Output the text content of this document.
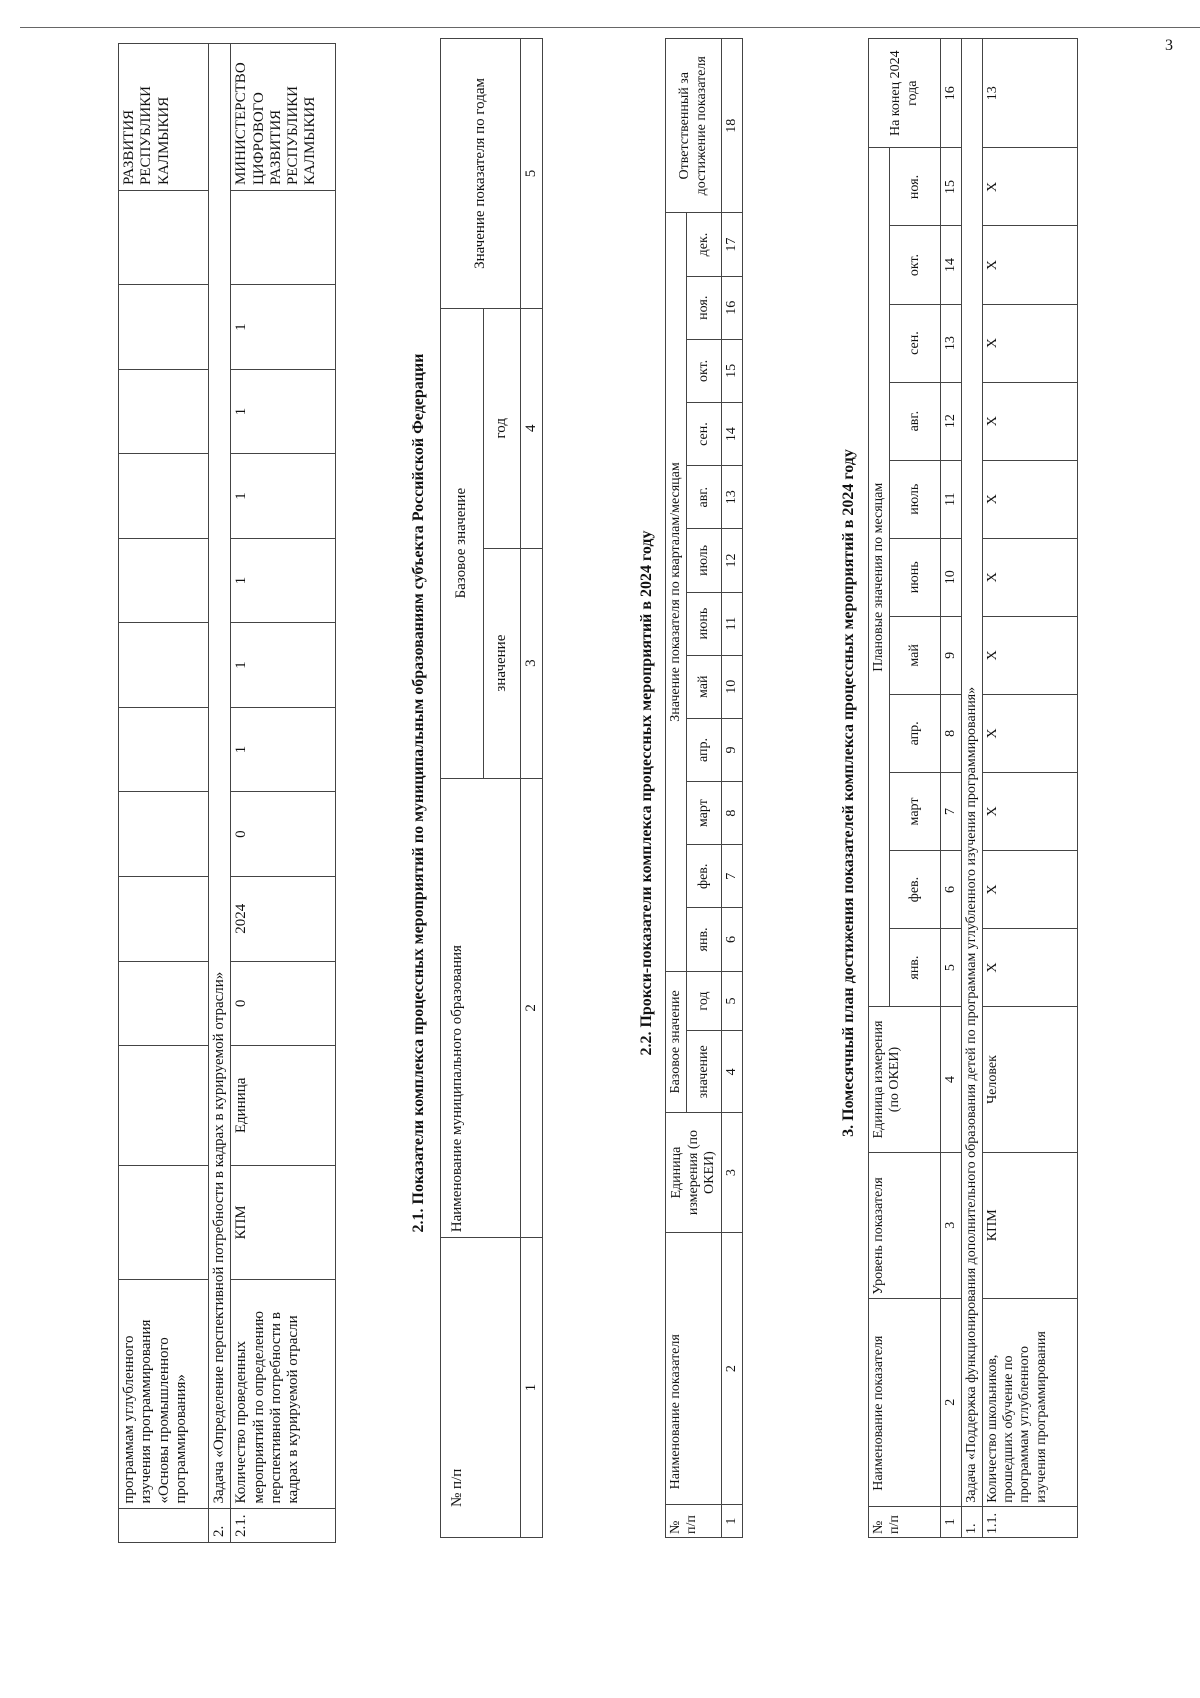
3
	программам углубленного изучения программирования «Основы промышленного программирования»													РАЗВИТИЯ РЕСПУБЛИКИ КАЛМЫКИЯ
2.	Задача «Определение перспективной потребности в кадрах в курируемой отрасли»													
2.1.	Количество проведенных мероприятий по определению перспективной потребности в кадрах в курируемой отрасли	КПМ	Единица	0	2024	0	1	1	1	1	1	1		МИНИСТЕРСТВО ЦИФРОВОГО РАЗВИТИЯ РЕСПУБЛИКИ КАЛМЫКИЯ
2.1. Показатели комплекса процессных мероприятий по муниципальным образованиям субъекта Российской Федерации
№ п/п	Наименование муниципального образования	Базовое значение		Значение показателя по годам
		значение	год	
1	2	3	4	5
2.2. Прокси-показатели комплекса процессных мероприятий в 2024 году
№ п/п	Наименование показателя	Единица измерения (по ОКЕИ)	Базовое значение		Значение показателя по кварталам/месяцам												Ответственный за достижение показателя
			значение	год	янв.	фев.	март	апр.	май	июнь	июль	авг.	сен.	окт.	ноя.	дек.	
1	2	3	4	5	6	7	8	9	10	11	12	13	14	15	16	17	18
3. Помесячный план достижения показателей комплекса процессных мероприятий в 2024 году
№ п/п	Наименование показателя	Уровень показателя	Единица измерения (по ОКЕИ)	Плановые значения по месяцам											На конец 2024 года
				янв.	фев.	март	апр.	май	июнь	июль	авг.	сен.	окт.	ноя.	
1	2	3	4	5	6	7	8	9	10	11	12	13	14	15	16
1.	Задача «Поддержка функционирования дополнительного образования детей по программам углубленного изучения программирования»														
1.1.	Количество школьников, прошедших обучение по программам углубленного изучения программирования	КПМ	Человек	X	X	X	X	X	X	X	X	X	X	X	13
